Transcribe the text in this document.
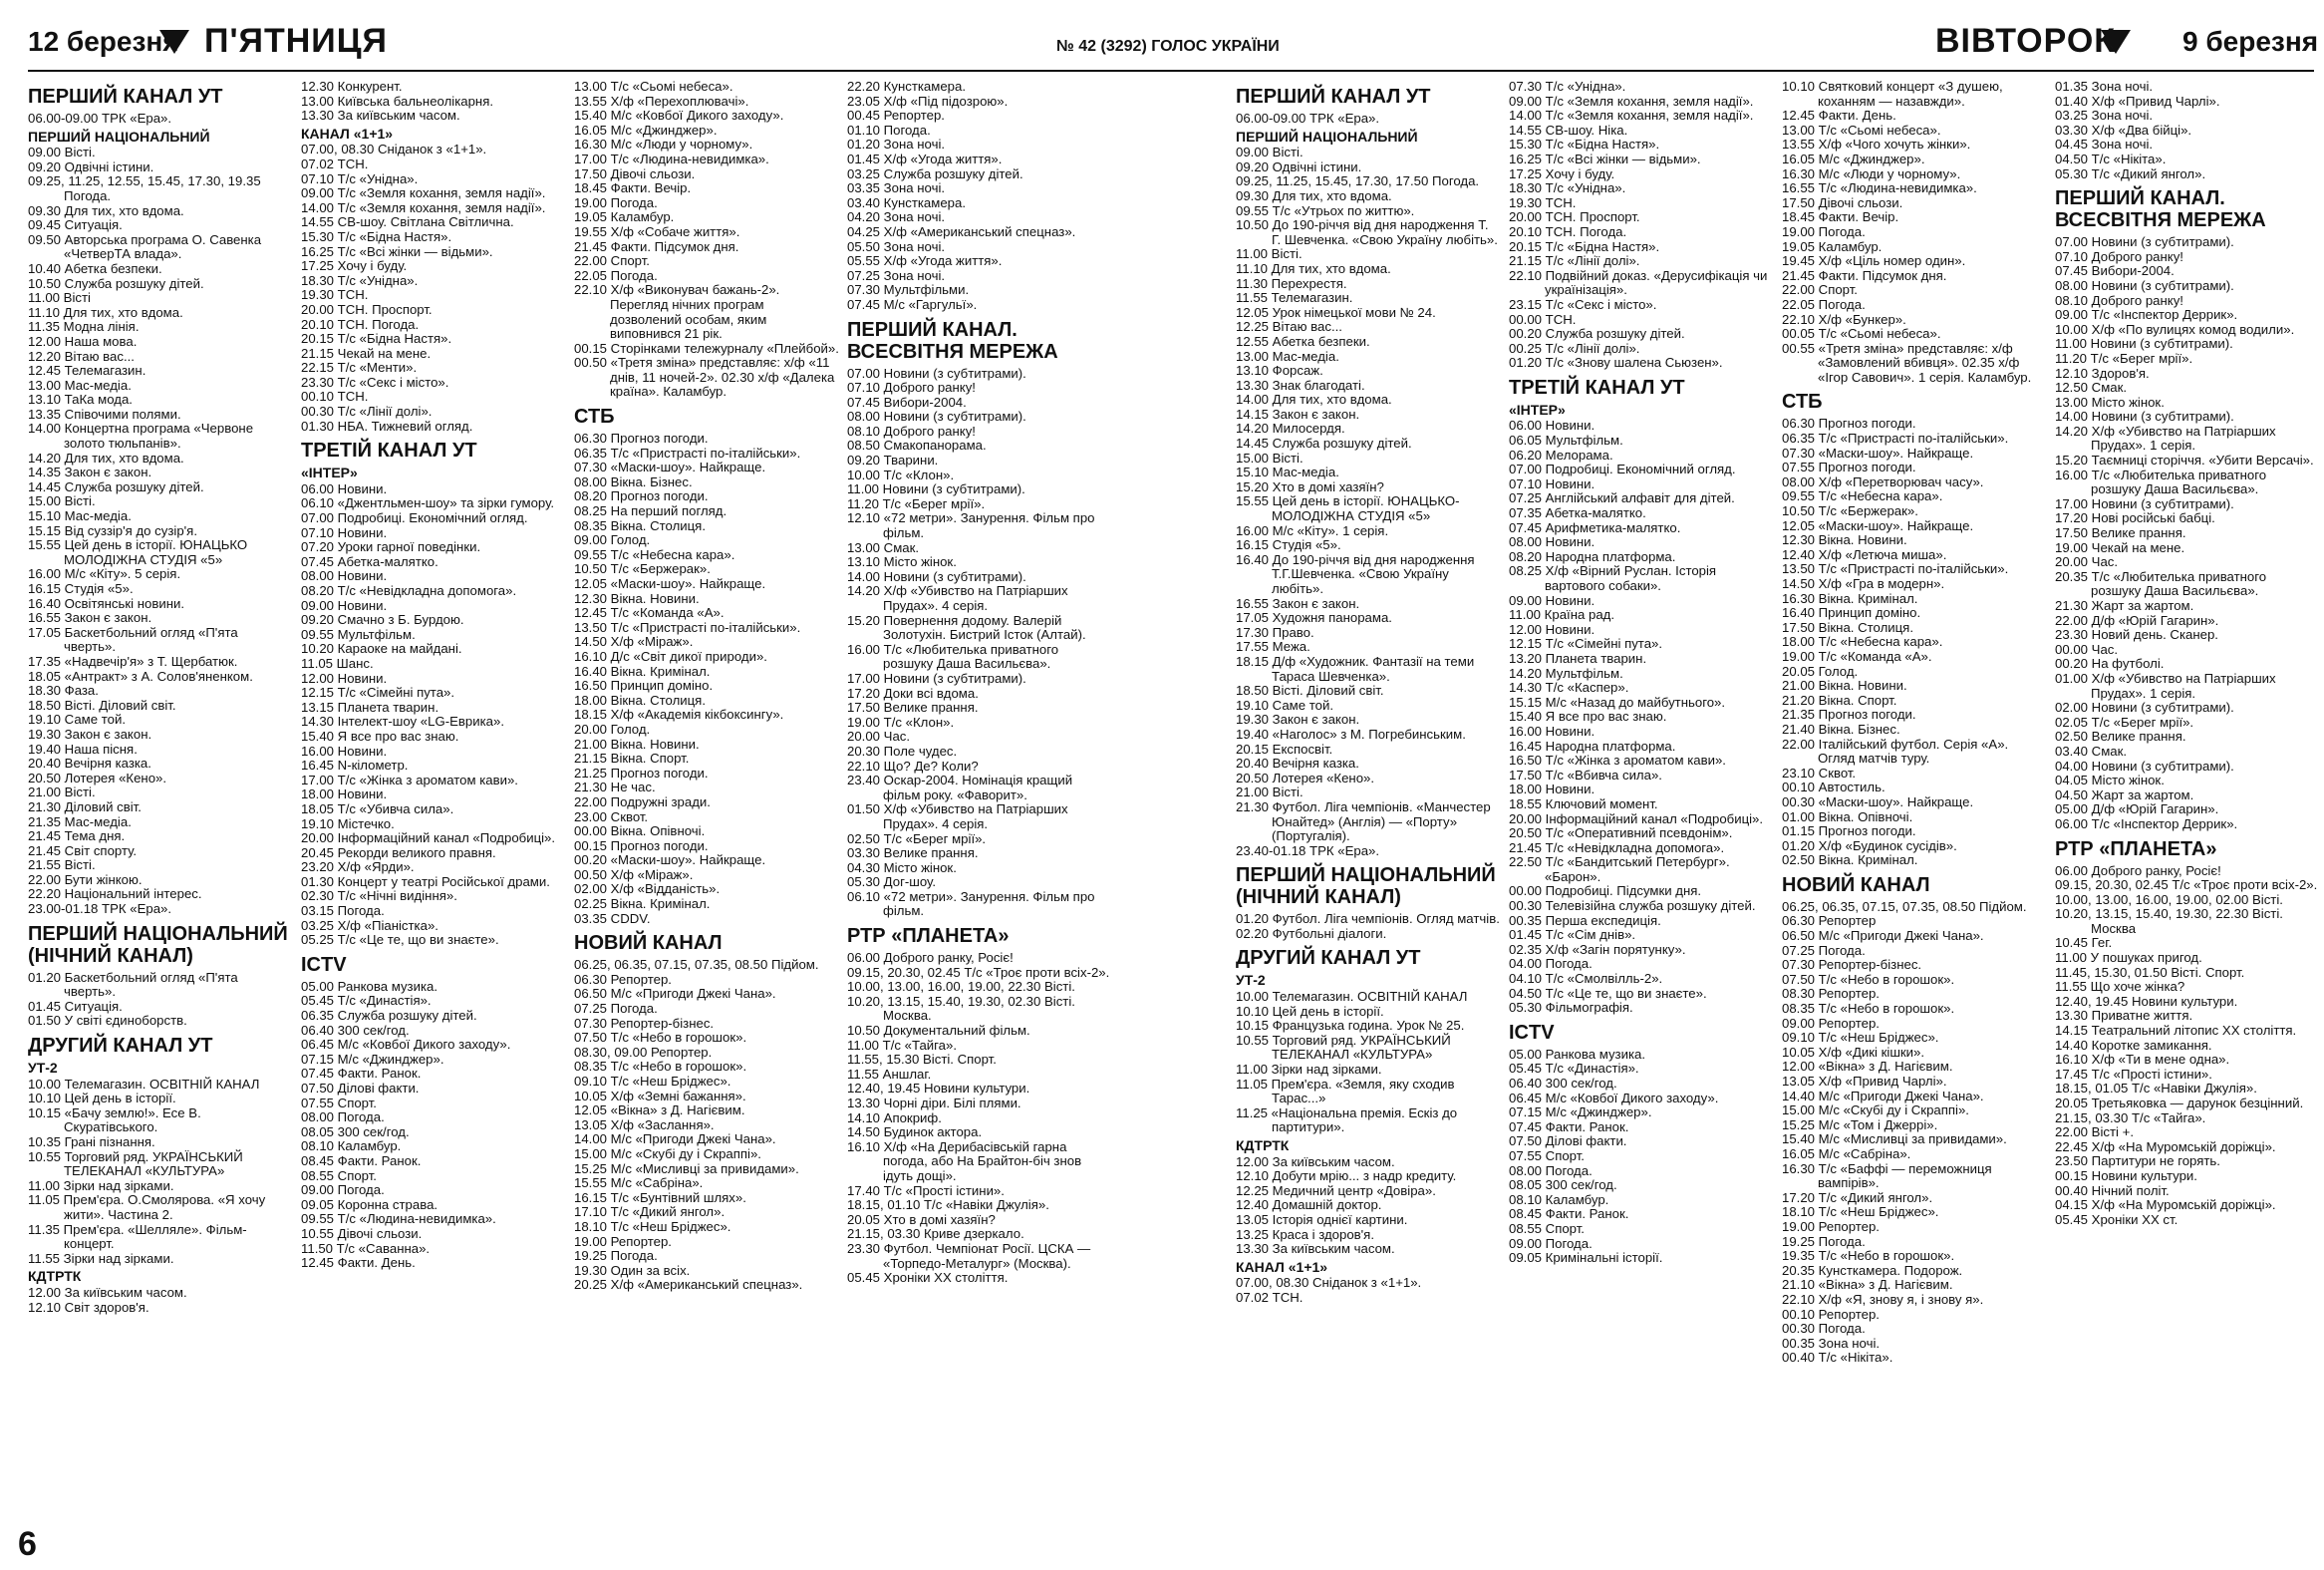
12 березня П'ЯТНИЦЯ	№ 42 (3292) ГОЛОС УКРАЇНИ	ВІВТОРОК 9 березня
ПЕРШИЙ КАНАЛ УТ
06.00-09.00 ТРК «Ера».
ПЕРШИЙ НАЦІОНАЛЬНИЙ
09.00 Вісті.
09.20 Одвічні істини.
09.25, 11.25, 12.55, 15.45, 17.30, 19.35 Погода.
09.30 Для тих, хто вдома.
09.45 Ситуація.
09.50 Авторська програма О. Савенка «ЧетверТА влада».
10.40 Абетка безпеки.
10.50 Служба розшуку дітей.
11.00 Вісті
11.10 Для тих, хто вдома.
11.35 Модна лінія.
12.00 Наша мова.
12.20 Вітаю вас...
12.45 Телемагазин.
13.00 Мас-медіа.
13.10 ТаКа мода.
13.35 Співочими полями.
14.00 Концертна програма «Червоне золото тюльпанів».
14.20 Для тих, хто вдома.
14.35 Закон є закон.
14.45 Служба розшуку дітей.
15.00 Вісті.
15.10 Мас-медіа.
15.15 Від суззір'я до сузір'я.
15.55 Цей день в історії. ЮНАЦЬКО МОЛОДІЖНА СТУДІЯ «5»
16.00 М/с «Кіту». 5 серія.
16.15 Студія «5».
16.40 Освітянські новини.
16.55 Закон є закон.
17.05 Баскетбольний огляд «П'ята чверть».
17.35 «Надвечір'я» з Т. Щербатюк.
18.05 «Антракт» з А. Солов'яненком.
18.30 Фаза.
18.50 Вісті. Діловий світ.
19.10 Саме той.
19.30 Закон є закон.
19.40 Наша пісня.
20.40 Вечірня казка.
20.50 Лотерея «Кено».
21.00 Вісті.
21.30 Діловий світ.
21.35 Мас-медіа.
21.45 Тема дня.
21.45 Світ спорту.
21.55 Вісті.
22.00 Бути жінкою.
22.20 Національний інтерес.
23.00-01.18 ТРК «Ера».
ПЕРШИЙ НАЦІОНАЛЬНИЙ (НІЧНИЙ КАНАЛ)
01.20 Баскетбольний огляд «П'ята чверть».
01.45 Ситуація.
01.50 У світі єдиноборств.
ДРУГИЙ КАНАЛ УТ
УТ-2
10.00 Телемагазин. ОСВІТНІЙ КАНАЛ
10.10 Цей день в історії.
10.15 «Бачу землю!». Есе В. Скуратівського.
10.35 Грані пізнання.
10.55 Торговий ряд. УКРАЇНСЬКИЙ ТЕЛЕКАНАЛ «КУЛЬТУРА»
11.00 Зірки над зірками.
11.05 Прем'єра. О.Смолярова. «Я хочу жити». Частина 2.
11.35 Прем'єра. «Шелляле». Фільм-концерт.
11.55 Зірки над зірками.
КДТРТК
12.00 За київським часом.
12.10 Світ здоров'я.
12.30 Конкурент.
13.00 Київська бальнеолікарня.
13.30 За київським часом.
КАНАЛ «1+1»
07.00, 08.30 Сніданок з «1+1».
07.02 ТСН.
07.10 Т/с «Унідна».
09.00 Т/с «Земля кохання, земля надії».
14.00 Т/с «Земля кохання, земля надії».
14.55 СВ-шоу. Світлана Світлична.
15.30 Т/с «Бідна Настя».
16.25 Т/с «Всі жінки — відьми».
17.25 Хочу і буду.
18.30 Т/с «Унідна».
19.30 ТСН.
20.00 ТСН. Проспорт.
20.10 ТСН. Погода.
20.15 Т/с «Бідна Настя».
21.15 Чекай на мене.
22.15 Т/с «Менти».
23.30 Т/с «Секс і місто».
00.10 ТСН.
00.30 Т/с «Лінії долі».
01.30 НБА. Тижневий огляд.
ТРЕТІЙ КАНАЛ УТ
«ІНТЕР»
06.00 Новини.
06.10 «Джентльмен-шоу» та зірки гумору.
07.00 Подробиці. Економічний огляд.
07.10 Новини.
07.20 Уроки гарної поведінки.
07.45 Абетка-малятко.
08.00 Новини.
08.20 Т/с «Невідкладна допомога».
09.00 Новини.
09.20 Смачно з Б. Бурдою.
09.55 Мультфільм.
10.20 Караоке на майдані.
11.05 Шанс.
12.00 Новини.
12.15 Т/с «Сімейні пута».
13.15 Планета тварин.
14.30 Інтелект-шоу «LG-Еврика».
15.40 Я все про вас знаю.
16.00 Новини.
16.45 N-кілометр.
17.00 Т/с «Жінка з ароматом кави».
18.00 Новини.
18.05 Т/с «Убивча сила».
19.10 Містечко.
20.00 Інформаційний канал «Подробиці».
20.45 Рекорди великого правня.
23.20 Х/ф «Ярди».
01.30 Концерт у театрі Російської драми.
02.30 Т/с «Нічні видіння».
03.15 Погода.
03.25 Х/ф «Піаністка».
05.25 Т/с «Це те, що ви знаєте».
ICTV
05.00 Ранкова музика.
05.45 Т/с «Династія».
06.35 Служба розшуку дітей.
06.40 300 сек/год.
06.45 М/с «Ковбої Дикого заходу».
07.15 М/с «Джинджер».
07.45 Факти. Ранок.
07.50 Ділові факти.
07.55 Спорт.
08.00 Погода.
08.05 300 сек/год.
08.10 Каламбур.
08.45 Факти. Ранок.
08.55 Спорт.
09.00 Погода.
09.05 Коронна страва.
09.55 Т/с «Людина-невидимка».
10.55 Дівочі сльози.
11.50 Т/с «Саванна».
12.45 Факти. День.
13.00 Т/с «Сьомі небеса».
13.55 Х/ф «Перехоплювачі».
15.40 М/с «Ковбої Дикого заходу».
16.05 М/с «Джинджер».
16.30 М/с «Люди у чорному».
17.00 Т/с «Людина-невидимка».
17.50 Дівочі сльози.
18.45 Факти. Вечір.
19.00 Погода.
19.05 Каламбур.
19.55 Х/ф «Собаче життя».
21.45 Факти. Підсумок дня.
22.00 Спорт.
22.05 Погода.
22.10 Х/ф «Виконувач бажань-2». Перегляд нічних програм дозволений особам, яким виповнився 21 рік.
00.15 Сторінками тележурналу «Плейбой».
00.50 «Третя зміна» представляє: х/ф «11 днів, 11 ночей-2». 02.30 х/ф «Далека країна». Каламбур.
СТБ
06.30 Прогноз погоди.
06.35 Т/с «Пристрасті по-італійськи».
07.30 «Маски-шоу». Найкраще.
08.00 Вікна. Бізнес.
08.20 Прогноз погоди.
08.25 На перший погляд.
08.35 Вікна. Столиця.
09.00 Голод.
09.55 Т/с «Небесна кара».
10.50 Т/с «Бержерак».
12.05 «Маски-шоу». Найкраще.
12.30 Вікна. Новини.
12.45 Т/с «Команда «А».
13.50 Т/с «Пристрасті по-італійськи».
14.50 Х/ф «Міраж».
16.10 Д/с «Світ дикої природи».
16.40 Вікна. Кримінал.
16.50 Принцип доміно.
18.00 Вікна. Столиця.
18.15 Х/ф «Академія кікбоксингу».
20.00 Голод.
21.00 Вікна. Новини.
21.15 Вікна. Спорт.
21.25 Прогноз погоди.
21.30 Не час.
22.00 Подружні зради.
23.00 Сквот.
00.00 Вікна. Опівночі.
00.15 Прогноз погоди.
00.20 «Маски-шоу». Найкраще.
00.50 Х/ф «Міраж».
02.00 Х/ф «Відданість».
02.25 Вікна. Кримінал.
03.35 CDDV.
НОВИЙ КАНАЛ
06.25, 06.35, 07.15, 07.35, 08.50 Підйом.
06.30 Репортер.
06.50 М/с «Пригоди Джекі Чана».
07.25 Погода.
07.30 Репортер-бізнес.
07.50 Т/с «Небо в горошок».
08.30, 09.00 Репортер.
08.35 Т/с «Небо в горошок».
09.10 Т/с «Неш Бріджес».
10.05 Х/ф «Земні бажання».
12.05 «Вікна» з Д. Нагієвим.
13.05 Х/ф «Заслання».
14.00 М/с «Пригоди Джекі Чана».
15.00 М/с «Скубі ду і Скраппі».
15.25 М/с «Мисливці за привидами».
15.55 М/с «Сабріна».
16.15 Т/с «Бунтівний шлях».
17.10 Т/с «Дикий янгол».
18.10 Т/с «Неш Бріджес».
19.00 Репортер.
19.25 Погода.
19.30 Один за всіх.
20.25 Х/ф «Американський спецназ».
22.20 Кунсткамера.
23.05 Х/ф «Під підозрою».
00.45 Репортер.
01.10 Погода.
01.20 Зона ночі.
01.45 Х/ф «Угода життя».
03.25 Служба розшуку дітей.
03.35 Зона ночі.
03.40 Кунсткамера.
04.20 Зона ночі.
04.25 Х/ф «Американський спецназ».
05.50 Зона ночі.
05.55 Х/ф «Угода життя».
07.25 Зона ночі.
07.30 Мультфільми.
07.45 М/с «Гаргульї».
ПЕРШИЙ КАНАЛ. ВСЕСВІТНЯ МЕРЕЖА
07.00 Новини (з субтитрами).
07.10 Доброго ранку!
07.45 Вибори-2004.
08.00 Новини (з субтитрами).
08.10 Доброго ранку!
08.50 Смакопанорама.
09.20 Тварини.
10.00 Т/с «Клон».
11.00 Новини (з субтитрами).
11.20 Т/с «Берег мрії».
12.10 «72 метри». Занурення. Фільм про фільм.
13.00 Смак.
13.10 Місто жінок.
14.00 Новини (з субтитрами).
14.20 Х/ф «Убивство на Патріарших Прудах». 4 серія.
15.20 Повернення додому. Валерій Золотухін. Бистрий Істок (Алтай).
16.00 Т/с «Любителька приватного розшуку Даша Васильєва».
17.00 Новини (з субтитрами).
17.20 Доки всі вдома.
17.50 Велике прання.
19.00 Т/с «Клон».
20.00 Час.
20.30 Поле чудес.
22.10 Що? Де? Коли?
23.40 Оскар-2004. Номінація кращий фільм року. «Фаворит».
01.50 Х/ф «Убивство на Патріарших Прудах». 4 серія.
02.50 Т/с «Берег мрії».
03.30 Велике прання.
04.30 Місто жінок.
05.30 Дог-шоу.
06.10 «72 метри». Занурення. Фільм про фільм.
РТР «ПЛАНЕТА»
06.00 Доброго ранку, Росіє!
09.15, 20.30, 02.45 Т/с «Троє проти всіх-2».
10.00, 13.00, 16.00, 19.00, 22.30 Вісті.
10.20, 13.15, 15.40, 19.30, 02.30 Вісті. Москва.
10.50 Документальний фільм.
11.00 Т/с «Тайга».
11.55, 15.30 Вісті. Спорт.
11.55 Аншлаг.
12.40, 19.45 Новини культури.
13.30 Чорні діри. Білі плями.
14.10 Апокриф.
14.50 Будинок актора.
16.10 Х/ф «На Дерибасівській гарна погода, або На Брайтон-біч знов ідуть дощі».
17.40 Т/с «Прості істини».
18.15, 01.10 Т/с «Навіки Джулія».
20.05 Хто в домі хазяїн?
21.15, 03.30 Криве дзеркало.
23.30 Футбол. Чемпіонат Росії. ЦСКА — «Торпедо-Металург» (Москва).
05.45 Хроніки XX століття.
ПЕРШИЙ КАНАЛ УТ
06.00-09.00 ТРК «Ера».
ПЕРШИЙ НАЦІОНАЛЬНИЙ
09.00 Вісті.
09.20 Одвічні істини.
09.25, 11.25, 15.45, 17.30, 17.50 Погода.
09.30 Для тих, хто вдома.
09.55 Т/с «Утрьох по життю».
10.50 До 190-річчя від дня народження Т. Г. Шевченка. «Свою Україну любіть».
11.00 Вісті.
11.10 Для тих, хто вдома.
11.30 Перехрестя.
11.55 Телемагазин.
12.05 Урок німецької мови № 24.
12.25 Вітаю вас...
12.55 Абетка безпеки.
13.00 Мас-медіа.
13.10 Форсаж.
13.30 Знак благодаті.
14.00 Для тих, хто вдома.
14.15 Закон є закон.
14.20 Милосердя.
14.45 Служба розшуку дітей.
15.00 Вісті.
15.10 Мас-медіа.
15.20 Хто в домі хазяїн?
15.55 Цей день в історії. ЮНАЦЬКО-МОЛОДІЖНА СТУДІЯ «5»
16.00 М/с «Кіту». 1 серія.
16.15 Студія «5».
16.40 До 190-річчя від дня народження Т.Г.Шевченка. «Свою Україну любіть».
16.55 Закон є закон.
17.05 Художня панорама.
17.30 Право.
17.55 Межа.
18.15 Д/ф «Художник. Фантазії на теми Тараса Шевченка».
18.50 Вісті. Діловий світ.
19.10 Саме той.
19.30 Закон є закон.
19.40 «Наголос» з М. Погребинським.
20.15 Експосвіт.
20.40 Вечірня казка.
20.50 Лотерея «Кено».
21.00 Вісті.
21.30 Футбол. Ліга чемпіонів. «Манчестер Юнайтед» (Англія) — «Порту» (Португалія).
23.40-01.18 ТРК «Ера».
ПЕРШИЙ НАЦІОНАЛЬНИЙ (НІЧНИЙ КАНАЛ)
01.20 Футбол. Ліга чемпіонів. Огляд матчів.
02.20 Футбольні діалоги.
ДРУГИЙ КАНАЛ УТ
УТ-2
10.00 Телемагазин. ОСВІТНІЙ КАНАЛ
10.10 Цей день в історії.
10.15 Французька година. Урок № 25.
10.55 Торговий ряд. УКРАЇНСЬКИЙ ТЕЛЕКАНАЛ «КУЛЬТУРА»
11.00 Зірки над зірками.
11.05 Прем'єра. «Земля, яку сходив Тарас...»
11.25 «Національна премія. Ескіз до партитури».
КДТРТК
12.00 За київським часом.
12.10 Добути мрію... з надр кредиту.
12.25 Медичний центр «Довіра».
12.40 Домашній доктор.
13.05 Історія однієї картини.
13.25 Краса і здоров'я.
13.30 За київським часом.
КАНАЛ «1+1»
07.00, 08.30 Сніданок з «1+1».
07.02 ТСН.
07.30 Т/с «Унідна».
09.00 Т/с «Земля кохання, земля надії».
14.00 Т/с «Земля кохання, земля надії».
14.55 СВ-шоу. Ніка.
15.30 Т/с «Бідна Настя».
16.25 Т/с «Всі жінки — відьми».
17.25 Хочу і буду.
18.30 Т/с «Унідна».
19.30 ТСН.
20.00 ТСН. Проспорт.
20.10 ТСН. Погода.
20.15 Т/с «Бідна Настя».
21.15 Т/с «Лінії долі».
22.10 Подвійний доказ. «Дерусифікація чи українізація».
23.15 Т/с «Секс і місто».
00.00 ТСН.
00.20 Служба розшуку дітей.
00.25 Т/с «Лінії долі».
01.20 Т/с «Знову шалена Сьюзен».
ТРЕТІЙ КАНАЛ УТ
«ІНТЕР»
06.00 Новини.
06.05 Мультфільм.
06.20 Мелорама.
07.00 Подробиці. Економічний огляд.
07.10 Новини.
07.25 Англійський алфавіт для дітей.
07.35 Абетка-малятко.
07.45 Арифметика-малятко.
08.00 Новини.
08.20 Народна платформа.
08.25 Х/ф «Вірний Руслан. Історія вартового собаки».
09.00 Новини.
11.00 Країна рад.
12.00 Новини.
12.15 Т/с «Сімейні пута».
13.20 Планета тварин.
14.20 Мультфільм.
14.30 Т/с «Каспер».
15.15 М/с «Назад до майбутнього».
15.40 Я все про вас знаю.
16.00 Новини.
16.45 Народна платформа.
16.50 Т/с «Жінка з ароматом кави».
17.50 Т/с «Вбивча сила».
18.00 Новини.
18.55 Ключовий момент.
20.00 Інформаційний канал «Подробиці».
20.50 Т/с «Оперативний псевдонім».
21.45 Т/с «Невідкладна допомога».
22.50 Т/с «Бандитський Петербург». «Барон».
00.00 Подробиці. Підсумки дня.
00.30 Телевізійна служба розшуку дітей.
00.35 Перша експедиція.
01.45 Т/с «Сім днів».
02.35 Х/ф «Загін порятунку».
04.00 Погода.
04.10 Т/с «Смолвілль-2».
04.50 Т/с «Це те, що ви знаєте».
05.30 Фільмографія.
ICTV
05.00 Ранкова музика.
05.45 Т/с «Династія».
06.40 300 сек/год.
06.45 М/с «Ковбої Дикого заходу».
07.15 М/с «Джинджер».
07.45 Факти. Ранок.
07.50 Ділові факти.
07.55 Спорт.
08.00 Погода.
08.05 300 сек/год.
08.10 Каламбур.
08.45 Факти. Ранок.
08.55 Спорт.
09.00 Погода.
09.05 Кримінальні історії.
10.10 Святковий концерт «З душею, коханням — назавжди».
12.45 Факти. День.
13.00 Т/с «Сьомі небеса».
13.55 Х/ф «Чого хочуть жінки».
16.05 М/с «Джинджер».
16.30 М/с «Люди у чорному».
16.55 Т/с «Людина-невидимка».
17.50 Дівочі сльози.
18.45 Факти. Вечір.
19.00 Погода.
19.05 Каламбур.
19.45 Х/ф «Ціль номер один».
21.45 Факти. Підсумок дня.
22.00 Спорт.
22.05 Погода.
22.10 Х/ф «Бункер».
00.05 Т/с «Сьомі небеса».
00.55 «Третя зміна» представляє: х/ф «Замовлений вбивця». 02.35 х/ф «Ігор Савович». 1 серія. Каламбур.
СТБ
06.30 Прогноз погоди.
06.35 Т/с «Пристрасті по-італійськи».
07.30 «Маски-шоу». Найкраще.
07.55 Прогноз погоди.
08.00 Х/ф «Перетворювач часу».
09.55 Т/с «Небесна кара».
10.50 Т/с «Бержерак».
12.05 «Маски-шоу». Найкраще.
12.30 Вікна. Новини.
12.40 Х/ф «Летюча миша».
13.50 Т/с «Пристрасті по-італійськи».
14.50 Х/ф «Гра в модерн».
16.30 Вікна. Кримінал.
16.40 Принцип доміно.
17.50 Вікна. Столиця.
18.00 Т/с «Небесна кара».
19.00 Т/с «Команда «А».
20.05 Голод.
21.00 Вікна. Новини.
21.20 Вікна. Спорт.
21.35 Прогноз погоди.
21.40 Вікна. Бізнес.
22.00 Італійський футбол. Серія «А». Огляд матчів туру.
23.10 Сквот.
00.10 Автостиль.
00.30 «Маски-шоу». Найкраще.
01.00 Вікна. Опівночі.
01.15 Прогноз погоди.
01.20 Х/ф «Будинок сусідів».
02.50 Вікна. Кримінал.
НОВИЙ КАНАЛ
06.25, 06.35, 07.15, 07.35, 08.50 Підйом.
06.30 Репортер
06.50 М/с «Пригоди Джекі Чана».
07.25 Погода.
07.30 Репортер-бізнес.
07.50 Т/с «Небо в горошок».
08.30 Репортер.
08.35 Т/с «Небо в горошок».
09.00 Репортер.
09.10 Т/с «Неш Бріджес».
10.05 Х/ф «Дикі кішки».
12.00 «Вікна» з Д. Нагієвим.
13.05 Х/ф «Привид Чарлі».
14.40 М/с «Пригоди Джекі Чана».
15.00 М/с «Скубі ду і Скраппі».
15.25 М/с «Том і Джеррі».
15.40 М/с «Мисливці за привидами».
16.05 М/с «Сабріна».
16.30 Т/с «Баффі — переможниця вампірів».
17.20 Т/с «Дикий янгол».
18.10 Т/с «Неш Бріджес».
19.00 Репортер.
19.25 Погода.
19.35 Т/с «Небо в горошок».
20.35 Кунсткамера. Подорож.
21.10 «Вікна» з Д. Нагієвим.
22.10 Х/ф «Я, знову я, і знову я».
00.10 Репортер.
00.30 Погода.
00.35 Зона ночі.
00.40 Т/с «Нікіта».
01.35 Зона ночі.
01.40 Х/ф «Привид Чарлі».
03.25 Зона ночі.
03.30 Х/ф «Два бійці».
04.45 Зона ночі.
04.50 Т/с «Нікіта».
05.30 Т/с «Дикий янгол».
ПЕРШИЙ КАНАЛ. ВСЕСВІТНЯ МЕРЕЖА
07.00 Новини (з субтитрами).
07.10 Доброго ранку!
07.45 Вибори-2004.
08.00 Новини (з субтитрами).
08.10 Доброго ранку!
09.00 Т/с «Інспектор Деррик».
10.00 Х/ф «По вулицях комод водили».
11.00 Новини (з субтитрами).
11.20 Т/с «Берег мрії».
12.10 Здоров'я.
12.50 Смак.
13.00 Місто жінок.
14.00 Новини (з субтитрами).
14.20 Х/ф «Убивство на Патріарших Прудах». 1 серія.
15.20 Таємниці сторіччя. «Убити Версачі».
16.00 Т/с «Любителька приватного розшуку Даша Васильєва».
17.00 Новини (з субтитрами).
17.20 Нові російські бабці.
17.50 Велике прання.
19.00 Чекай на мене.
20.00 Час.
20.35 Т/с «Любителька приватного розшуку Даша Васильєва».
21.30 Жарт за жартом.
22.00 Д/ф «Юрій Гагарин».
23.30 Новий день. Сканер.
00.00 Час.
00.20 На футболі.
01.00 Х/ф «Убивство на Патріарших Прудах». 1 серія.
02.00 Новини (з субтитрами).
02.05 Т/с «Берег мрії».
02.50 Велике прання.
03.40 Смак.
04.00 Новини (з субтитрами).
04.05 Місто жінок.
04.50 Жарт за жартом.
05.00 Д/ф «Юрій Гагарин».
06.00 Т/с «Інспектор Деррик».
РТР «ПЛАНЕТА»
06.00 Доброго ранку, Росіє!
09.15, 20.30, 02.45 Т/с «Троє проти всіх-2».
10.00, 13.00, 16.00, 19.00, 02.00 Вісті.
10.20, 13.15, 15.40, 19.30, 22.30 Вісті. Москва
10.45 Гег.
11.00 У пошуках пригод.
11.45, 15.30, 01.50 Вісті. Спорт.
11.55 Що хоче жінка?
12.40, 19.45 Новини культури.
13.30 Приватне життя.
14.15 Театральний літопис XX століття.
14.40 Коротке замикання.
16.10 Х/ф «Ти в мене одна».
17.45 Т/с «Прості істини».
18.15, 01.05 Т/с «Навіки Джулія».
20.05 Третьяковка — дарунок безцінний.
21.15, 03.30 Т/с «Тайга».
22.00 Вісті +.
22.45 Х/ф «На Муромській доріжці».
23.50 Партитури не горять.
00.15 Новини культури.
00.40 Нічний політ.
04.15 Х/ф «На Муромській доріжці».
05.45 Хроніки XX ст.
6
